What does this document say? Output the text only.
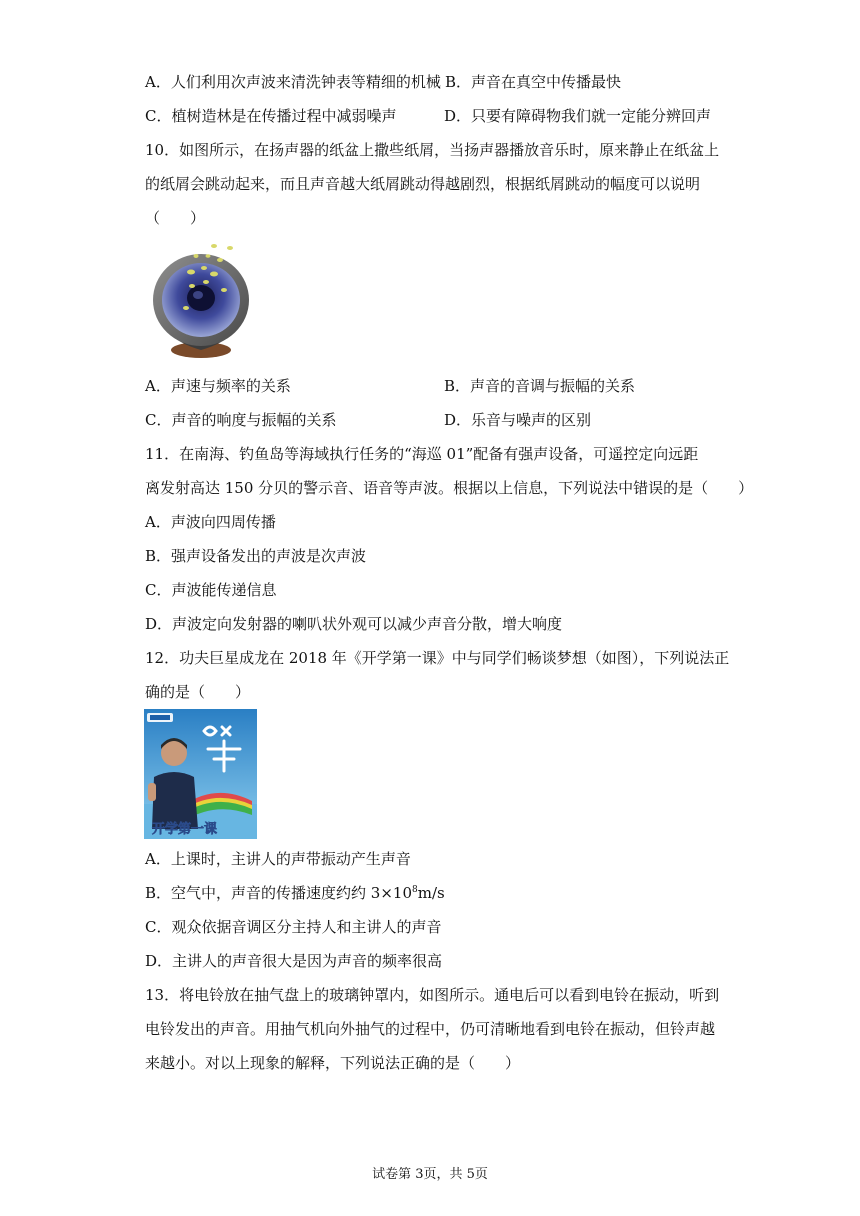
A．人们利用次声波来清洗钟表等精细的机械 B．声音在真空中传播最快
C．植树造林是在传播过程中减弱噪声	D．只要有障碍物我们就一定能分辨回声
10．如图所示，在扬声器的纸盆上撒些纸屑，当扬声器播放音乐时，原来静止在纸盆上
的纸屑会跳动起来，而且声音越大纸屑跳动得越剧烈，根据纸屑跳动的幅度可以说明
（　　）
A．声速与频率的关系	B．声音的音调与振幅的关系
C．声音的响度与振幅的关系	D．乐音与噪声的区别
11．在南海、钓鱼岛等海域执行任务的“海巡 01”配备有强声设备，可遥控定向远距
离发射高达 150 分贝的警示音、语音等声波。根据以上信息，下列说法中错误的是（　　）
A．声波向四周传播
B．强声设备发出的声波是次声波
C．声波能传递信息
D．声波定向发射器的喇叭状外观可以减少声音分散，增大响度
12．功夫巨星成龙在 2018 年《开学第一课》中与同学们畅谈梦想（如图），下列说法正
确的是（　　）
开学第一课
A．上课时，主讲人的声带振动产生声音
B．空气中，声音的传播速度约约 $3\times 10^8m/s$
C．观众依据音调区分主持人和主讲人的声音
D．主讲人的声音很大是因为声音的频率很高
13．将电铃放在抽气盘上的玻璃钟罩内，如图所示。通电后可以看到电铃在振动，听到
电铃发出的声音。用抽气机向外抽气的过程中，仍可清晰地看到电铃在振动，但铃声越
来越小。对以上现象的解释，下列说法正确的是（　　）
试卷第 3页，共 5页
